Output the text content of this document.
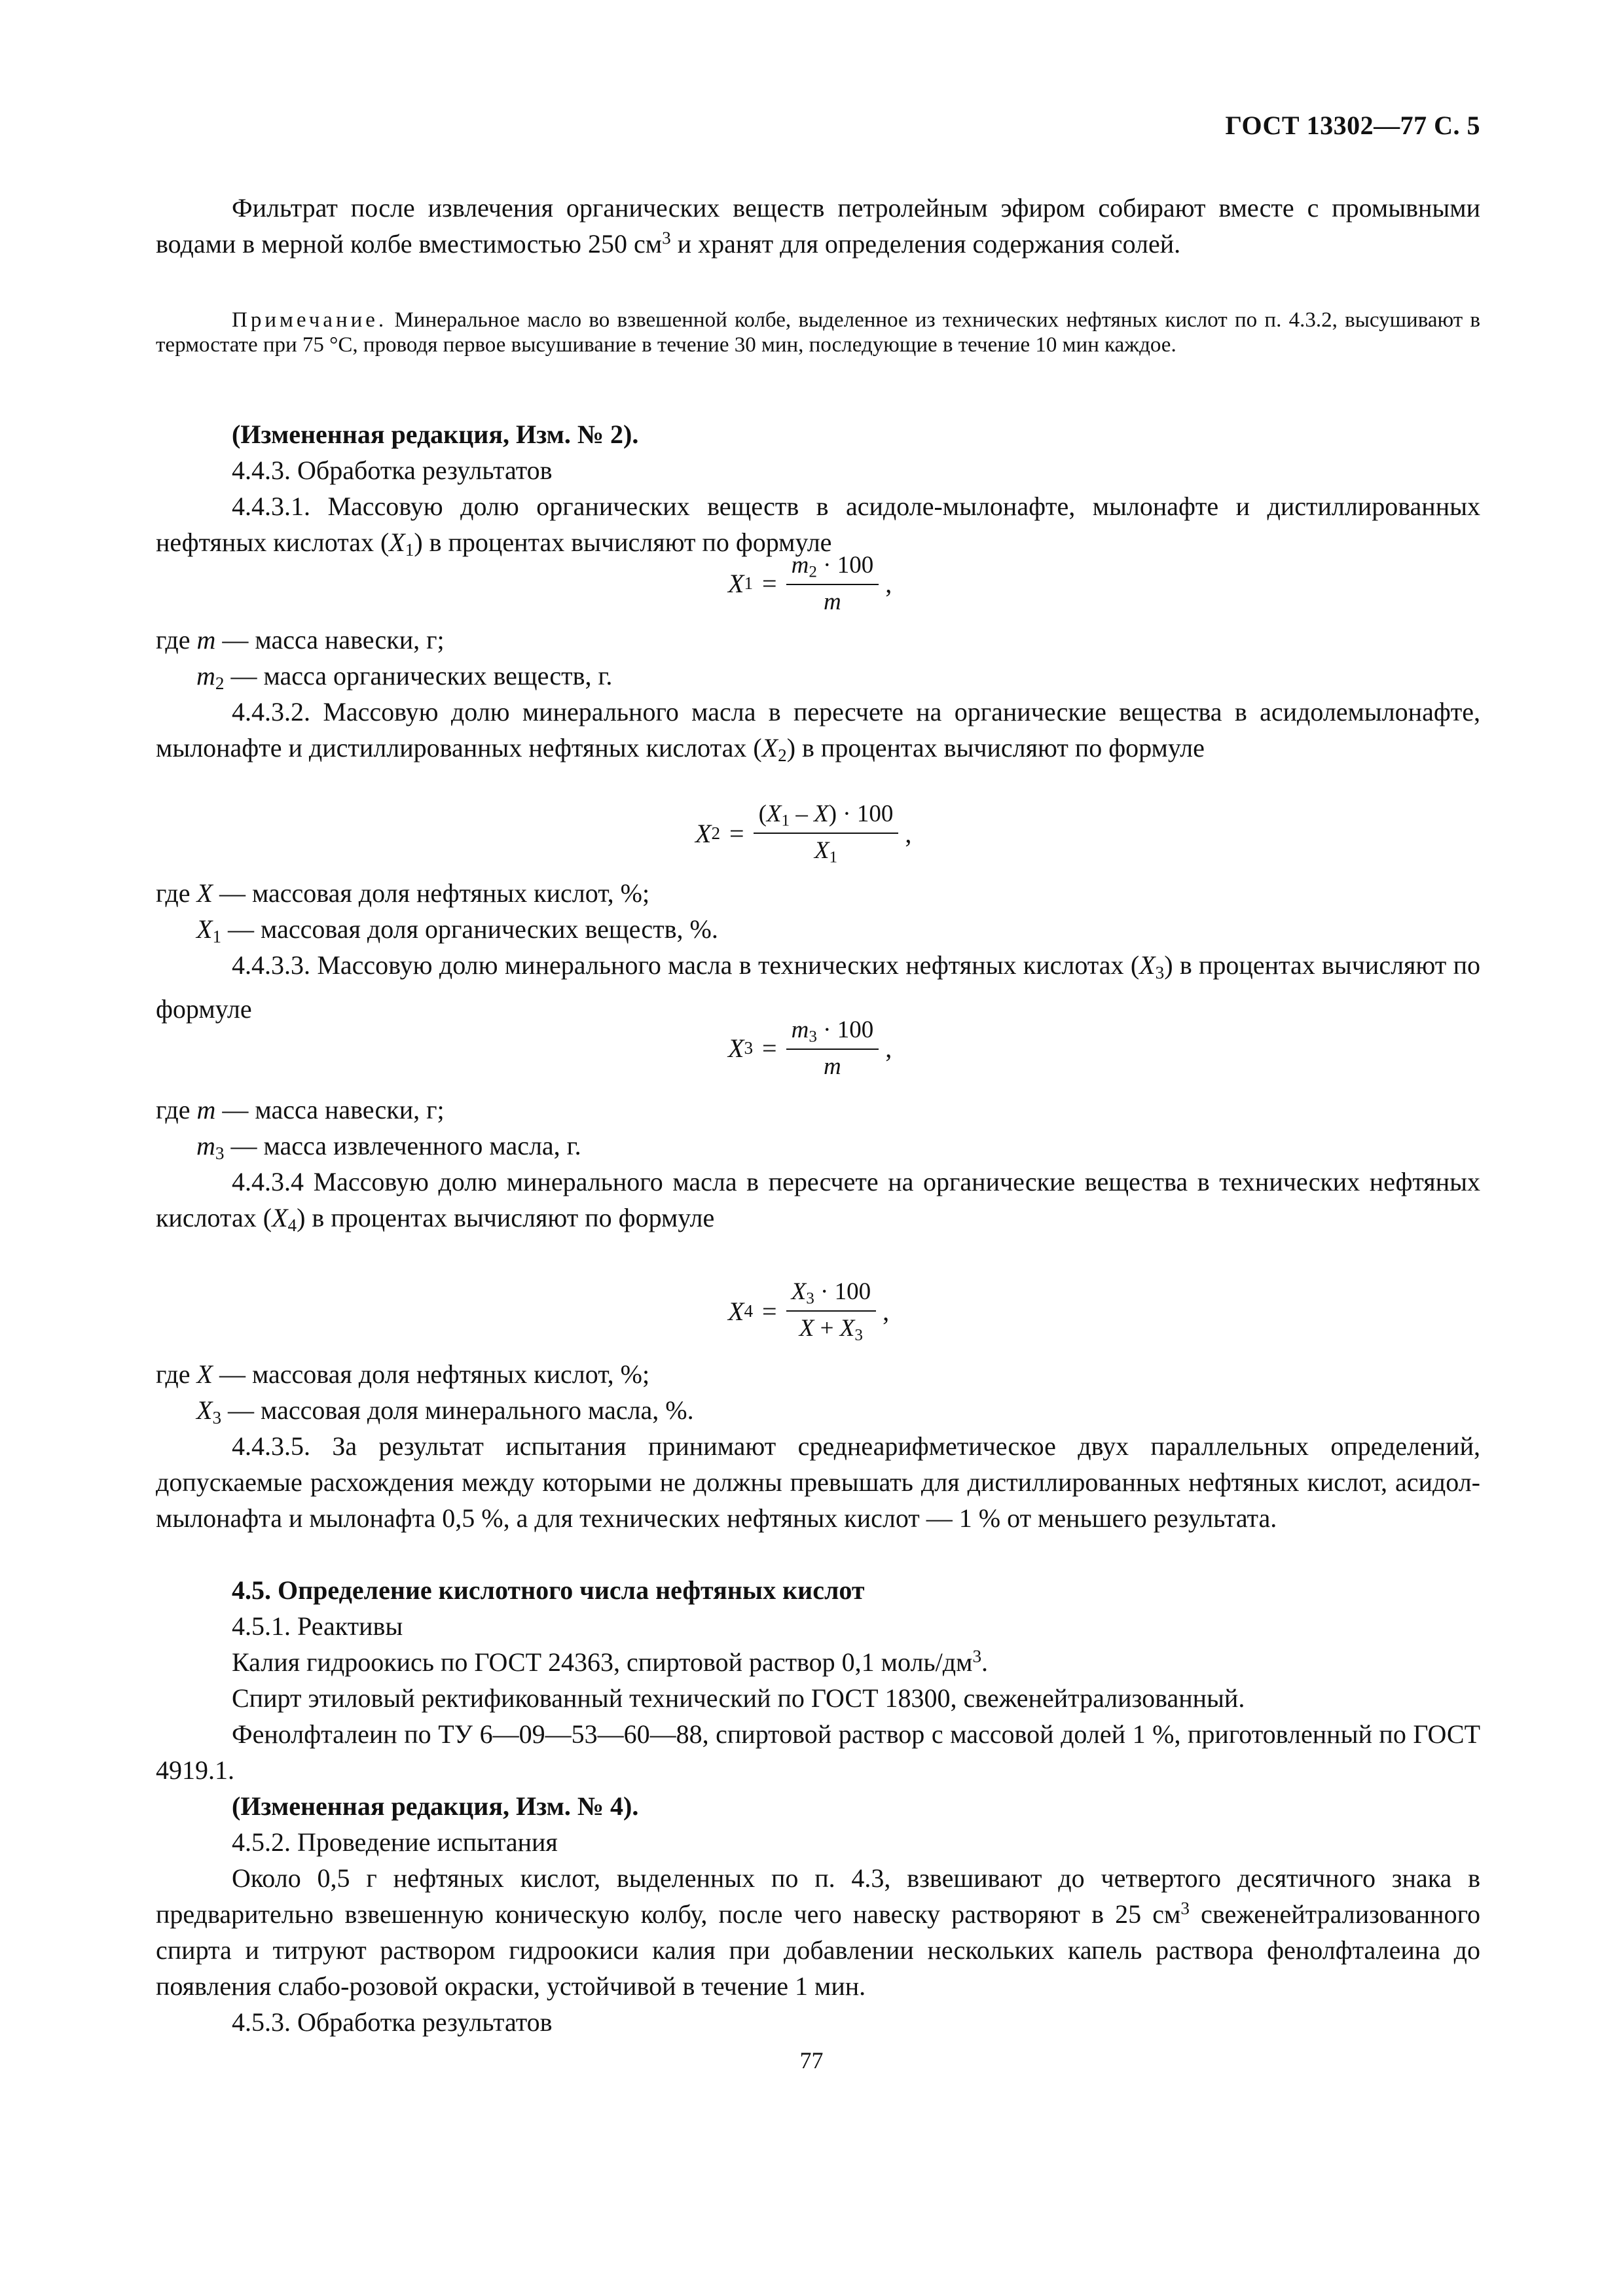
ГОСТ 13302—77 С. 5
Фильтрат после извлечения органических веществ петролейным эфиром собирают вместе с промывными водами в мерной колбе вместимостью 250 $см^3$ и хранят для определения содержания солей.
Примечание. Минеральное масло во взвешенной колбе, выделенное из технических нефтяных кислот по п. 4.3.2, высушивают в термостате при 75 °С, проводя первое высушивание в течение 30 мин, последующие в течение 10 мин каждое.
(Измененная редакция, Изм. № 2).
4.4.3. Обработка результатов
4.4.3.1. Массовую долю органических веществ в асидоле-мылонафте, мылонафте и дистиллированных нефтяных кислотах $(X_1)$ в процентах вычисляют по формуле
X $1 = \frac{m_2 \cdot 100}{m}$ ,
где m — масса навески, г;
$m_2$ — масса органических веществ, г.
4.4.3.2. Массовую долю минерального масла в пересчете на органические вещества в асидолемылонафте, мылонафте и дистиллированных нефтяных кислотах $(X_2)$ в процентах вычисляют по формуле
X $2 = \frac{(X_1 - X) \cdot 100}{X_1}$ ,
где X — массовая доля нефтяных кислот, %;
$X_1$ — массовая доля органических веществ, %.
4.4.3.3. Массовую долю минерального масла в технических нефтяных кислотах $(X_3)$ в процентах вычисляют по формуле
X $3 = \frac{m_3 \cdot 100}{m}$ ,
где m — масса навески, г;
$m_3$ — масса извлеченного масла, г.
4.4.3.4 Массовую долю минерального масла в пересчете на органические вещества в технических нефтяных кислотах $(X_4)$ в процентах вычисляют по формуле
X $4 = \frac{X_3 \cdot 100}{X + X_3}$ ,
где X — массовая доля нефтяных кислот, %;
$X_3$ — массовая доля минерального масла, %.
4.4.3.5. За результат испытания принимают среднеарифметическое двух параллельных определений, допускаемые расхождения между которыми не должны превышать для дистиллированных нефтяных кислот, асидол-мылонафта и мылонафта 0,5 %, а для технических нефтяных кислот — 1 % от меньшего результата.
4.5. Определение кислотного числа нефтяных кислот
4.5.1. Реактивы
Калия гидроокись по ГОСТ 24363, спиртовой раствор 0,1 моль/$дм^3$.
Спирт этиловый ректификованный технический по ГОСТ 18300, свеженейтрализованный.
Фенолфталеин по ТУ 6—09—53—60—88, спиртовой раствор с массовой долей 1 %, приготовленный по ГОСТ 4919.1.
(Измененная редакция, Изм. № 4).
4.5.2. Проведение испытания
Около 0,5 г нефтяных кислот, выделенных по п. 4.3, взвешивают до четвертого десятичного знака в предварительно взвешенную коническую колбу, после чего навеску растворяют в 25 $см^3$ свеженейтрализованного спирта и титруют раствором гидроокиси калия при добавлении нескольких капель раствора фенолфталеина до появления слабо-розовой окраски, устойчивой в течение 1 мин.
4.5.3. Обработка результатов
77
